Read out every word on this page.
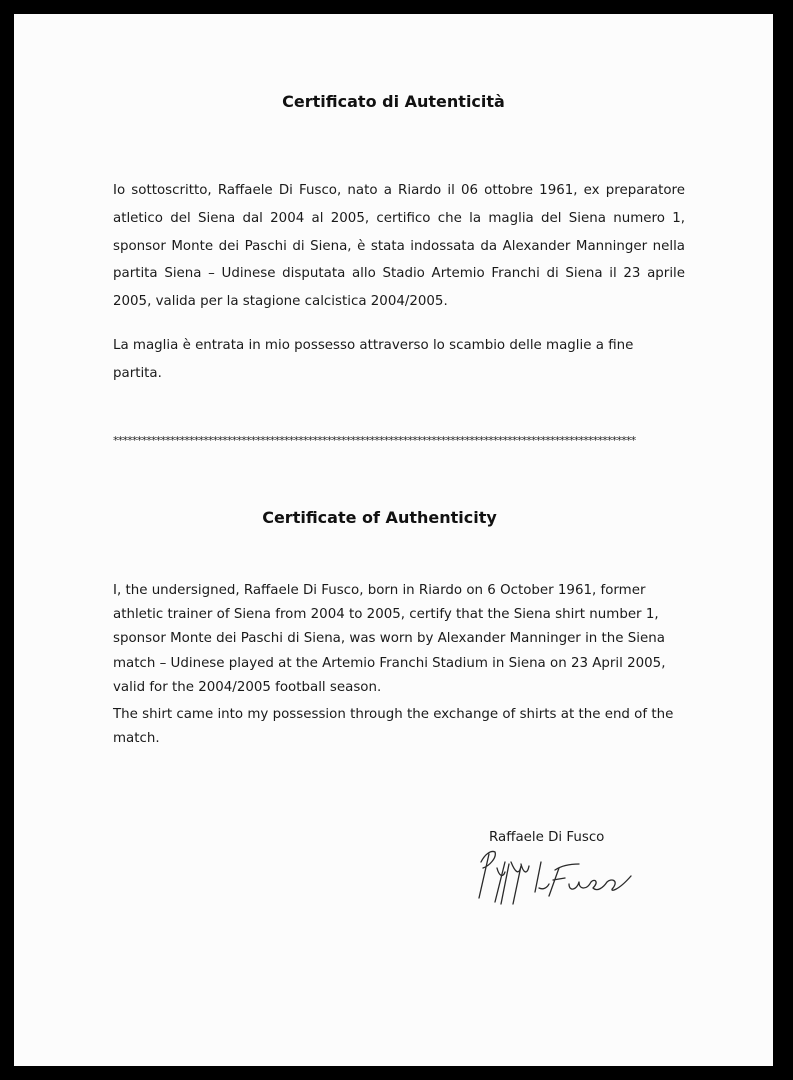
Certificato di Autenticità

Io sottoscritto, Raffaele Di Fusco, nato a Riardo il 06 ottobre 1961, ex preparatore atletico del Siena dal 2004 al 2005, certifico che la maglia del Siena numero 1, sponsor Monte dei Paschi di Siena, è stata indossata da Alexander Manninger nella partita Siena – Udinese disputata allo Stadio Artemio Franchi di Siena il 23 aprile 2005, valida per la stagione calcistica 2004/2005.

La maglia è entrata in mio possesso attraverso lo scambio delle maglie a fine partita.

**************************************************************************************************************

Certificate of Authenticity

I, the undersigned, Raffaele Di Fusco, born in Riardo on 6 October 1961, former athletic trainer of Siena from 2004 to 2005, certify that the Siena shirt number 1, sponsor Monte dei Paschi di Siena, was worn by Alexander Manninger in the Siena match – Udinese played at the Artemio Franchi Stadium in Siena on 23 April 2005, valid for the 2004/2005 football season.

The shirt came into my possession through the exchange of shirts at the end of the match.

Raffaele Di Fusco
